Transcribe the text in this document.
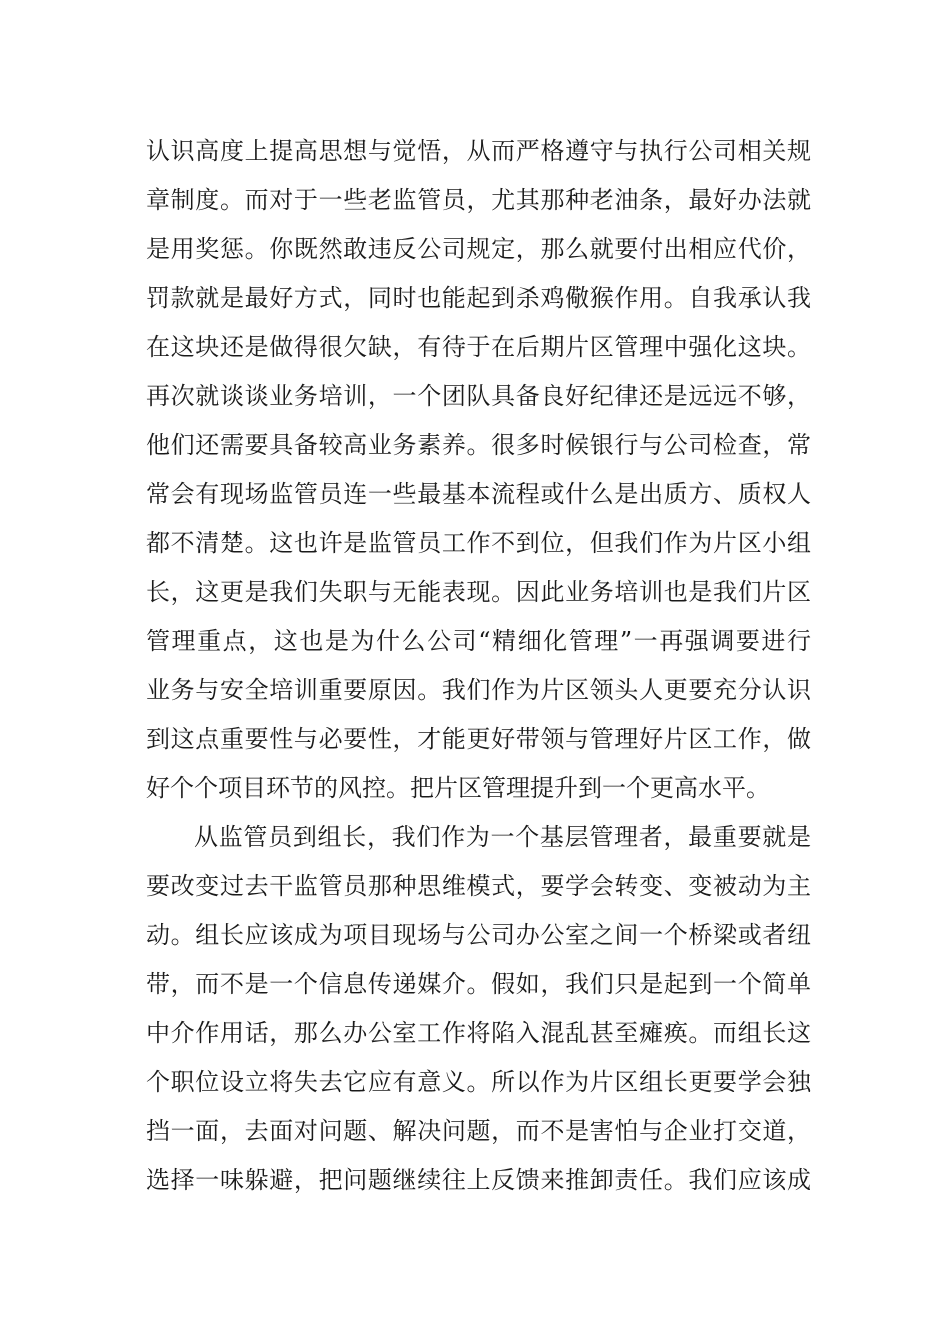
认识高度上提高思想与觉悟，从而严格遵守与执行公司相关规
章制度。而对于一些老监管员，尤其那种老油条，最好办法就
是用奖惩。你既然敢违反公司规定，那么就要付出相应代价，
罚款就是最好方式，同时也能起到杀鸡儆猴作用。自我承认我
在这块还是做得很欠缺，有待于在后期片区管理中强化这块。
再次就谈谈业务培训，一个团队具备良好纪律还是远远不够，
他们还需要具备较高业务素养。很多时候银行与公司检查，常
常会有现场监管员连一些最基本流程或什么是出质方、质权人
都不清楚。这也许是监管员工作不到位，但我们作为片区小组
长，这更是我们失职与无能表现。因此业务培训也是我们片区
管理重点，这也是为什么公司“精细化管理”一再强调要进行
业务与安全培训重要原因。我们作为片区领头人更要充分认识
到这点重要性与必要性，才能更好带领与管理好片区工作，做
好个个项目环节的风控。把片区管理提升到一个更高水平。
从监管员到组长，我们作为一个基层管理者，最重要就是
要改变过去干监管员那种思维模式，要学会转变、变被动为主
动。组长应该成为项目现场与公司办公室之间一个桥梁或者纽
带，而不是一个信息传递媒介。假如，我们只是起到一个简单
中介作用话，那么办公室工作将陷入混乱甚至瘫痪。而组长这
个职位设立将失去它应有意义。所以作为片区组长更要学会独
挡一面，去面对问题、解决问题，而不是害怕与企业打交道，
选择一味躲避，把问题继续往上反馈来推卸责任。我们应该成
